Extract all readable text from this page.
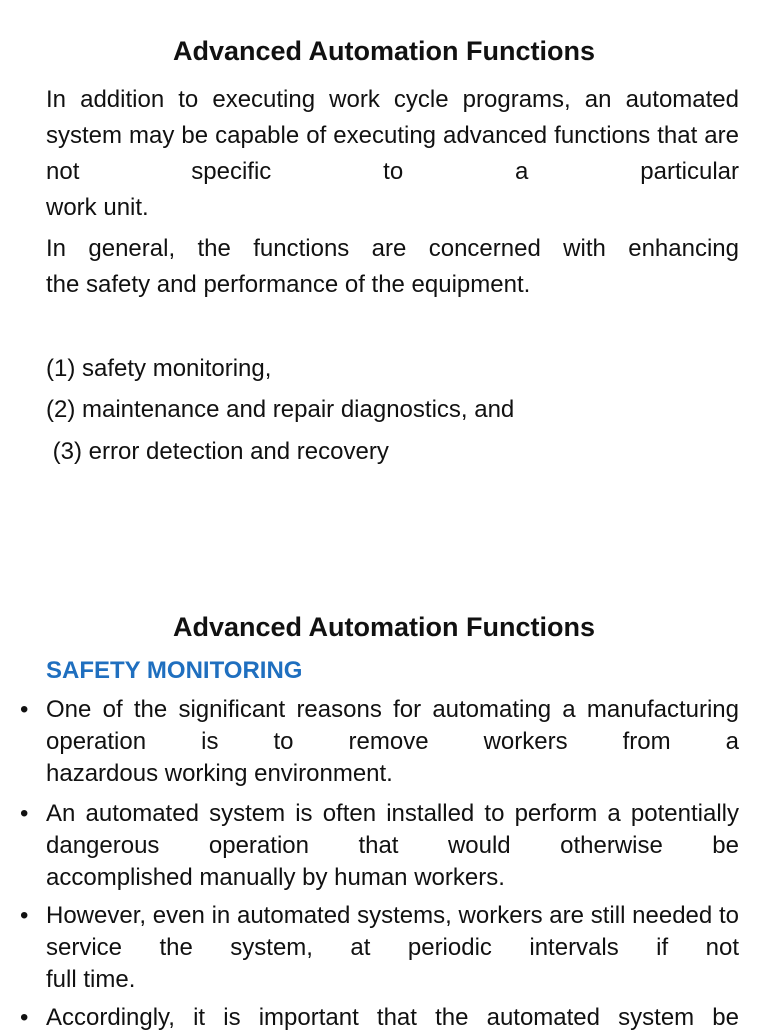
Advanced Automation Functions
In addition to executing work cycle programs, an automated system may be capable of executing advanced functions that are not specific to a particular
work unit.
In general, the functions are concerned with enhancing
the safety and performance of the equipment.
(1) safety monitoring,
(2) maintenance and repair diagnostics, and
(3) error detection and recovery
Advanced Automation Functions
SAFETY MONITORING
• One of the significant reasons for automating a manufacturing operation is to remove workers from a
hazardous working environment.
• An automated system is often installed to perform a potentially dangerous operation that would otherwise be
accomplished manually by human workers.
• However, even in automated systems, workers are still needed to service the system, at periodic intervals if not
full time.
• Accordingly, it is important that the automated system be
